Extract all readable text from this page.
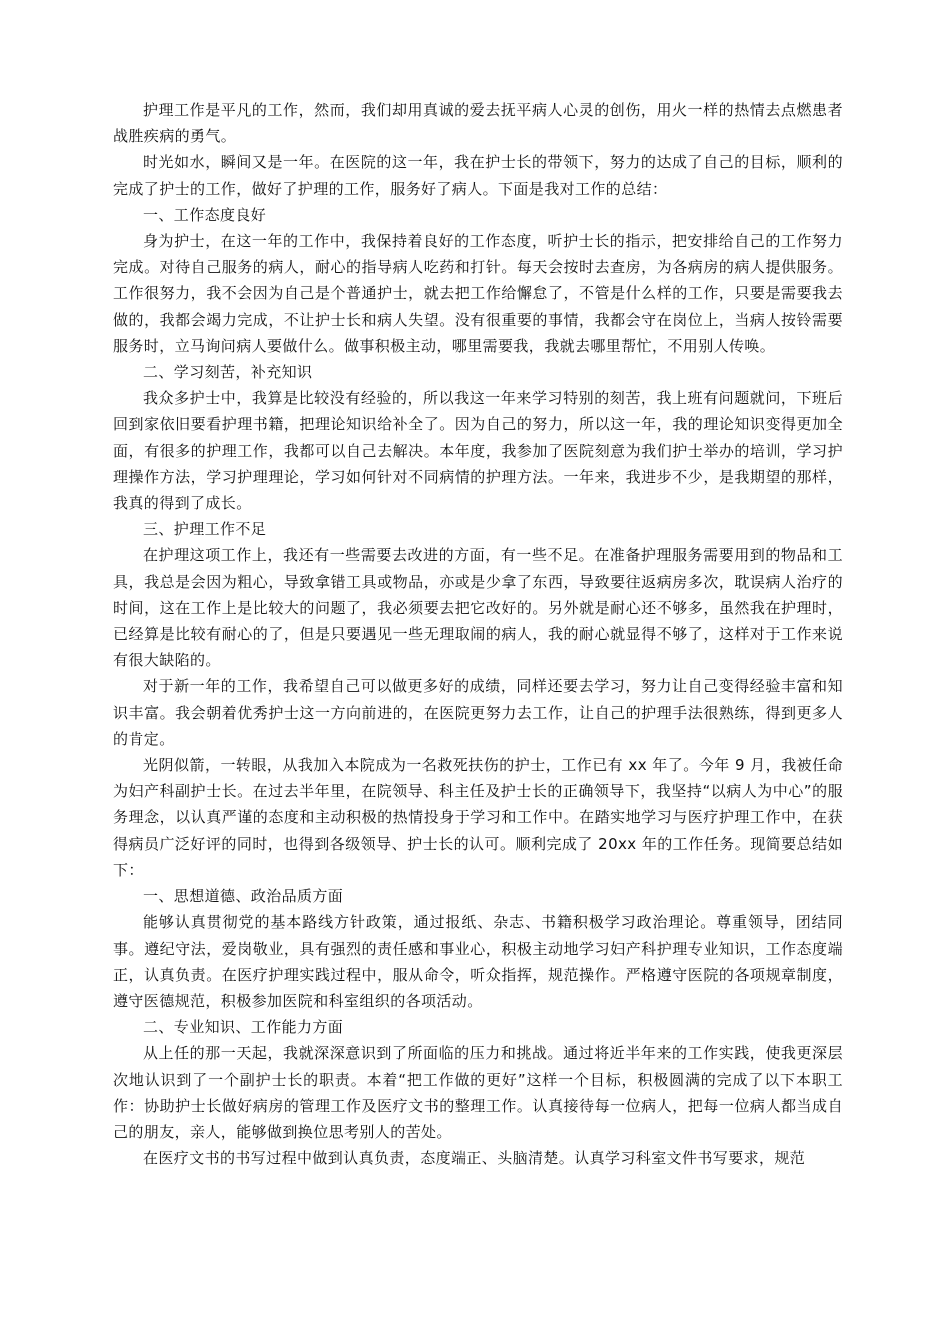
护理工作是平凡的工作，然而，我们却用真诚的爱去抚平病人心灵的创伤，用火一样的热情去点燃患者战胜疾病的勇气。

时光如水，瞬间又是一年。在医院的这一年，我在护士长的带领下，努力的达成了自己的目标，顺利的完成了护士的工作，做好了护理的工作，服务好了病人。下面是我对工作的总结：

一、工作态度良好

身为护士，在这一年的工作中，我保持着良好的工作态度，听护士长的指示，把安排给自己的工作努力完成。对待自己服务的病人，耐心的指导病人吃药和打针。每天会按时去查房，为各病房的病人提供服务。工作很努力，我不会因为自己是个普通护士，就去把工作给懈怠了，不管是什么样的工作，只要是需要我去做的，我都会竭力完成，不让护士长和病人失望。没有很重要的事情，我都会守在岗位上，当病人按铃需要服务时，立马询问病人要做什么。做事积极主动，哪里需要我，我就去哪里帮忙，不用别人传唤。

二、学习刻苦，补充知识

我众多护士中，我算是比较没有经验的，所以我这一年来学习特别的刻苦，我上班有问题就问，下班后回到家依旧要看护理书籍，把理论知识给补全了。因为自己的努力，所以这一年，我的理论知识变得更加全面，有很多的护理工作，我都可以自己去解决。本年度，我参加了医院刻意为我们护士举办的培训，学习护理操作方法，学习护理理论，学习如何针对不同病情的护理方法。一年来，我进步不少，是我期望的那样，我真的得到了成长。

三、护理工作不足

在护理这项工作上，我还有一些需要去改进的方面，有一些不足。在准备护理服务需要用到的物品和工具，我总是会因为粗心，导致拿错工具或物品，亦或是少拿了东西，导致要往返病房多次，耽误病人治疗的时间，这在工作上是比较大的问题了，我必须要去把它改好的。另外就是耐心还不够多，虽然我在护理时，已经算是比较有耐心的了，但是只要遇见一些无理取闹的病人，我的耐心就显得不够了，这样对于工作来说有很大缺陷的。

对于新一年的工作，我希望自己可以做更多好的成绩，同样还要去学习，努力让自己变得经验丰富和知识丰富。我会朝着优秀护士这一方向前进的，在医院更努力去工作，让自己的护理手法很熟练，得到更多人的肯定。

光阴似箭，一转眼，从我加入本院成为一名救死扶伤的护士，工作已有 xx 年了。今年 9 月，我被任命为妇产科副护士长。在过去半年里，在院领导、科主任及护士长的正确领导下，我坚持“以病人为中心”的服务理念，以认真严谨的态度和主动积极的热情投身于学习和工作中。在踏实地学习与医疗护理工作中，在获得病员广泛好评的同时，也得到各级领导、护士长的认可。顺利完成了 20xx 年的工作任务。现简要总结如下：

一、思想道德、政治品质方面

能够认真贯彻党的基本路线方针政策，通过报纸、杂志、书籍积极学习政治理论。尊重领导，团结同事。遵纪守法，爱岗敬业，具有强烈的责任感和事业心，积极主动地学习妇产科护理专业知识，工作态度端正，认真负责。在医疗护理实践过程中，服从命令，听众指挥，规范操作。严格遵守医院的各项规章制度，遵守医德规范，积极参加医院和科室组织的各项活动。

二、专业知识、工作能力方面

从上任的那一天起，我就深深意识到了所面临的压力和挑战。通过将近半年来的工作实践，使我更深层次地认识到了一个副护士长的职责。本着“把工作做的更好”这样一个目标，积极圆满的完成了以下本职工作：协助护士长做好病房的管理工作及医疗文书的整理工作。认真接待每一位病人，把每一位病人都当成自己的朋友，亲人，能够做到换位思考别人的苦处。

在医疗文书的书写过程中做到认真负责，态度端正、头脑清楚。认真学习科室文件书写要求，规范
